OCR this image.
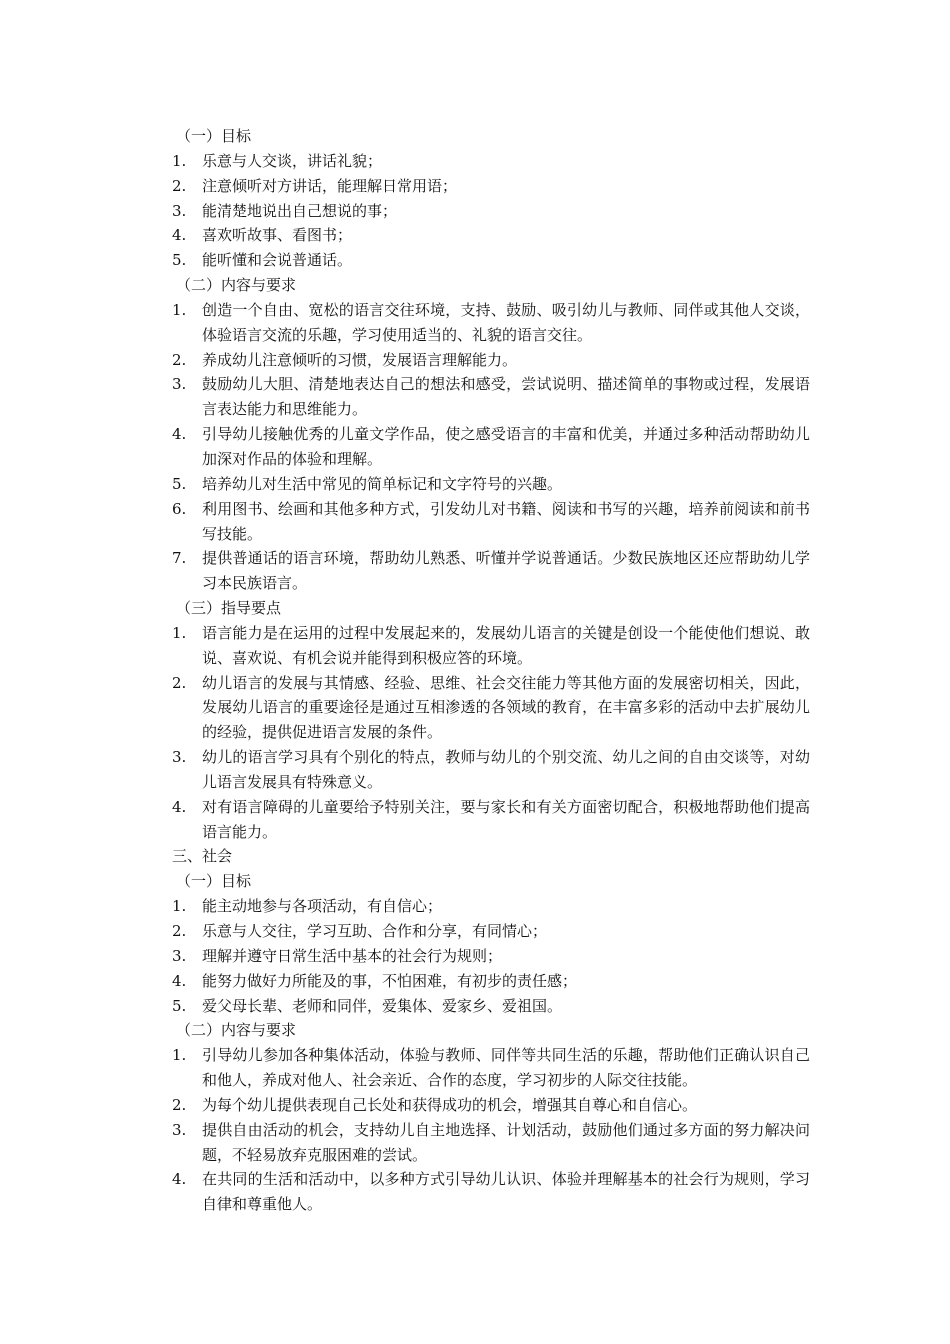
（一）目标
1. 乐意与人交谈，讲话礼貌；
2. 注意倾听对方讲话，能理解日常用语；
3. 能清楚地说出自己想说的事；
4. 喜欢听故事、看图书；
5. 能听懂和会说普通话。
（二）内容与要求
1. 创造一个自由、宽松的语言交往环境，支持、鼓励、吸引幼儿与教师、同伴或其他人交谈，体验语言交流的乐趣，学习使用适当的、礼貌的语言交往。
2. 养成幼儿注意倾听的习惯，发展语言理解能力。
3. 鼓励幼儿大胆、清楚地表达自己的想法和感受，尝试说明、描述简单的事物或过程，发展语言表达能力和思维能力。
4. 引导幼儿接触优秀的儿童文学作品，使之感受语言的丰富和优美，并通过多种活动帮助幼儿加深对作品的体验和理解。
5. 培养幼儿对生活中常见的简单标记和文字符号的兴趣。
6. 利用图书、绘画和其他多种方式，引发幼儿对书籍、阅读和书写的兴趣，培养前阅读和前书写技能。
7. 提供普通话的语言环境，帮助幼儿熟悉、听懂并学说普通话。少数民族地区还应帮助幼儿学习本民族语言。
（三）指导要点
1. 语言能力是在运用的过程中发展起来的，发展幼儿语言的关键是创设一个能使他们想说、敢说、喜欢说、有机会说并能得到积极应答的环境。
2. 幼儿语言的发展与其情感、经验、思维、社会交往能力等其他方面的发展密切相关，因此，发展幼儿语言的重要途径是通过互相渗透的各领域的教育，在丰富多彩的活动中去扩展幼儿的经验，提供促进语言发展的条件。
3. 幼儿的语言学习具有个别化的特点，教师与幼儿的个别交流、幼儿之间的自由交谈等，对幼儿语言发展具有特殊意义。
4. 对有语言障碍的儿童要给予特别关注，要与家长和有关方面密切配合，积极地帮助他们提高语言能力。
三、社会
（一）目标
1. 能主动地参与各项活动，有自信心；
2. 乐意与人交往，学习互助、合作和分享，有同情心；
3. 理解并遵守日常生活中基本的社会行为规则；
4. 能努力做好力所能及的事，不怕困难，有初步的责任感；
5. 爱父母长辈、老师和同伴，爱集体、爱家乡、爱祖国。
（二）内容与要求
1. 引导幼儿参加各种集体活动，体验与教师、同伴等共同生活的乐趣，帮助他们正确认识自己和他人，养成对他人、社会亲近、合作的态度，学习初步的人际交往技能。
2. 为每个幼儿提供表现自己长处和获得成功的机会，增强其自尊心和自信心。
3. 提供自由活动的机会，支持幼儿自主地选择、计划活动，鼓励他们通过多方面的努力解决问题，不轻易放弃克服困难的尝试。
4. 在共同的生活和活动中，以多种方式引导幼儿认识、体验并理解基本的社会行为规则，学习自律和尊重他人。
